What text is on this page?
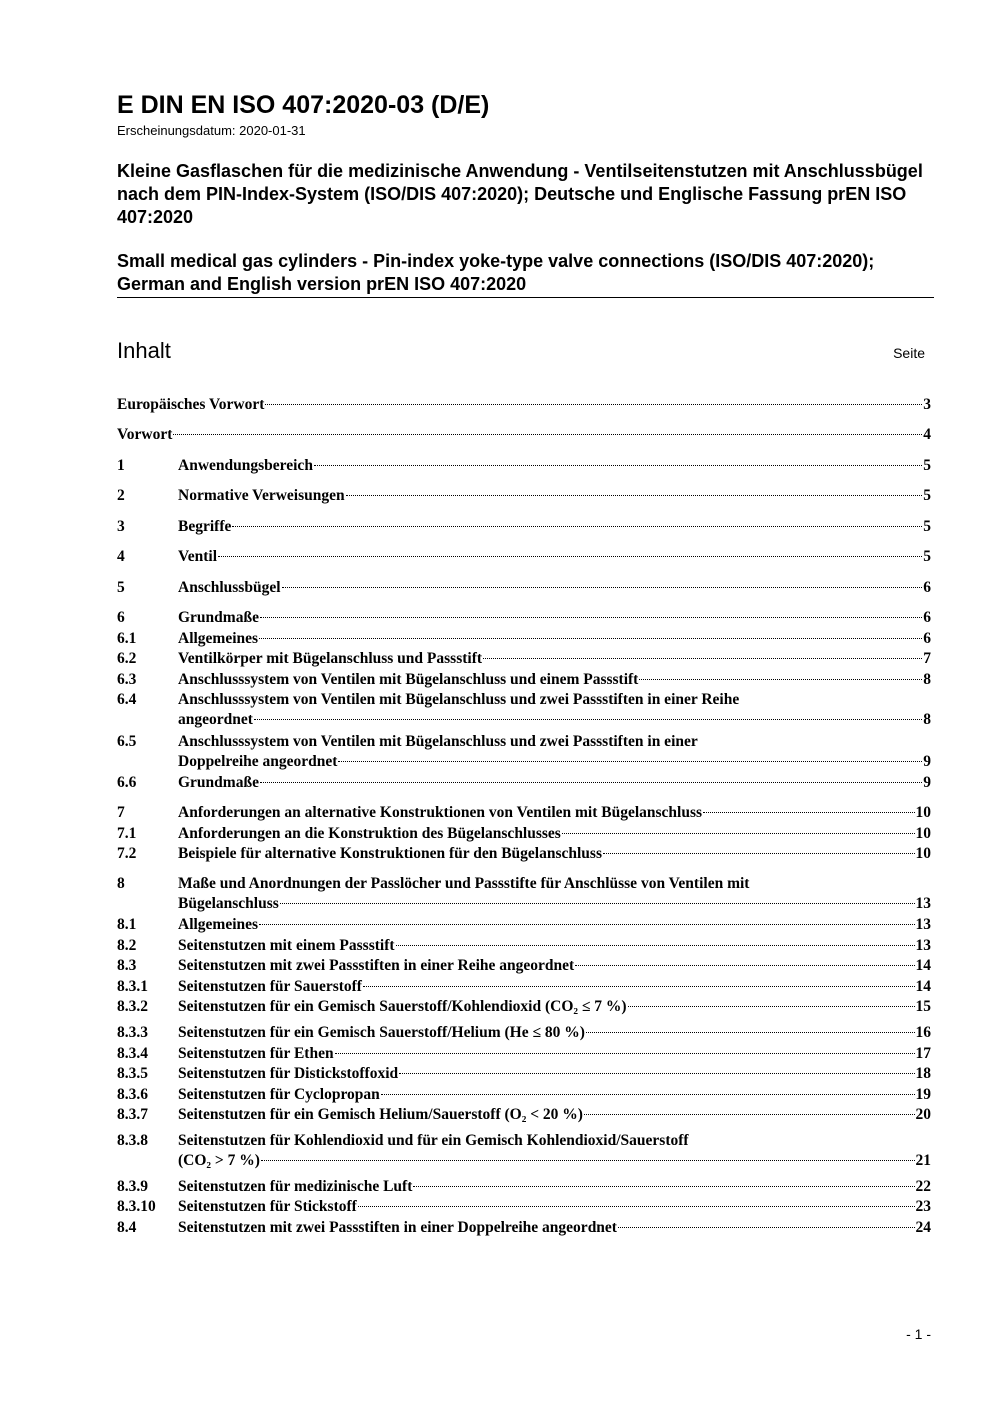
E DIN EN ISO 407:2020-03 (D/E)
Erscheinungsdatum: 2020-01-31
Kleine Gasflaschen für die medizinische Anwendung - Ventilseitenstutzen mit Anschlussbügel nach dem PIN-Index-System (ISO/DIS 407:2020); Deutsche und Englische Fassung prEN ISO 407:2020
Small medical gas cylinders - Pin-index yoke-type valve connections (ISO/DIS 407:2020); German and English version prEN ISO 407:2020
Inhalt	Seite
Europäisches Vorwort	3
Vorwort	4
1	Anwendungsbereich	5
2	Normative Verweisungen	5
3	Begriffe	5
4	Ventil	5
5	Anschlussbügel	6
6	Grundmaße	6
6.1	Allgemeines	6
6.2	Ventilkörper mit Bügelanschluss und Passstift	7
6.3	Anschlusssystem von Ventilen mit Bügelanschluss und einem Passstift	8
6.4	Anschlusssystem von Ventilen mit Bügelanschluss und zwei Passstiften in einer Reihe
angeordnet	8
6.5	Anschlusssystem von Ventilen mit Bügelanschluss und zwei Passstiften in einer
Doppelreihe angeordnet	9
6.6	Grundmaße	9
7	Anforderungen an alternative Konstruktionen von Ventilen mit Bügelanschluss	10
7.1	Anforderungen an die Konstruktion des Bügelanschlusses	10
7.2	Beispiele für alternative Konstruktionen für den Bügelanschluss	10
8	Maße und Anordnungen der Passlöcher und Passstifte für Anschlüsse von Ventilen mit
Bügelanschluss	13
8.1	Allgemeines	13
8.2	Seitenstutzen mit einem Passstift	13
8.3	Seitenstutzen mit zwei Passstiften in einer Reihe angeordnet	14
8.3.1	Seitenstutzen für Sauerstoff	14
8.3.2	Seitenstutzen für ein Gemisch Sauerstoff/Kohlendioxid (CO₂ ≤ 7 %)	15
8.3.3	Seitenstutzen für ein Gemisch Sauerstoff/Helium (He ≤ 80 %)	16
8.3.4	Seitenstutzen für Ethen	17
8.3.5	Seitenstutzen für Distickstoffoxid	18
8.3.6	Seitenstutzen für Cyclopropan	19
8.3.7	Seitenstutzen für ein Gemisch Helium/Sauerstoff (O₂ < 20 %)	20
8.3.8	Seitenstutzen für Kohlendioxid und für ein Gemisch Kohlendioxid/Sauerstoff
(CO₂ > 7 %)	21
8.3.9	Seitenstutzen für medizinische Luft	22
8.3.10	Seitenstutzen für Stickstoff	23
8.4	Seitenstutzen mit zwei Passstiften in einer Doppelreihe angeordnet	24
- 1 -
